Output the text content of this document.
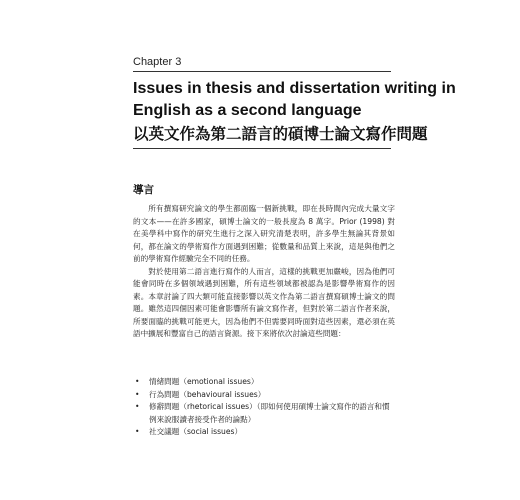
Chapter 3
Issues in thesis and dissertation writing in
English as a second language
以英文作為第二語言的碩博士論文寫作問題
導言

所有撰寫研究論文的學生都面臨一個新挑戰，即在長時間內完成大量文字的文本——在許多國家，碩博士論文的一般長度為 8 萬字。Prior (1998) 對在美學科中寫作的研究生進行之深入研究清楚表明，許多學生無論其背景如何，都在論文的學術寫作方面遇到困難；從數量和品質上來說，這是與他們之前的學術寫作經驗完全不同的任務。

對於使用第二語言進行寫作的人而言，這樣的挑戰更加嚴峻，因為他們可能會同時在多個領域遇到困難，所有這些領域都被認為是影響學術寫作的因素。本章討論了四大類可能直接影響以英文作為第二語言撰寫碩博士論文的問題。雖然這四個因素可能會影響所有論文寫作者，但對於第二語言作者來說，所要面臨的挑戰可能更大，因為他們不但需要同時面對這些因素，還必須在英語中擴展和豐富自己的語言資源。接下來將依次討論這些問題：

• 情緒問題（emotional issues）
• 行為問題（behavioural issues）
• 修辭問題（rhetorical issues）（即如何使用碩博士論文寫作的語言和慣例來說服讀者接受作者的論點）
• 社交議題（social issues）
